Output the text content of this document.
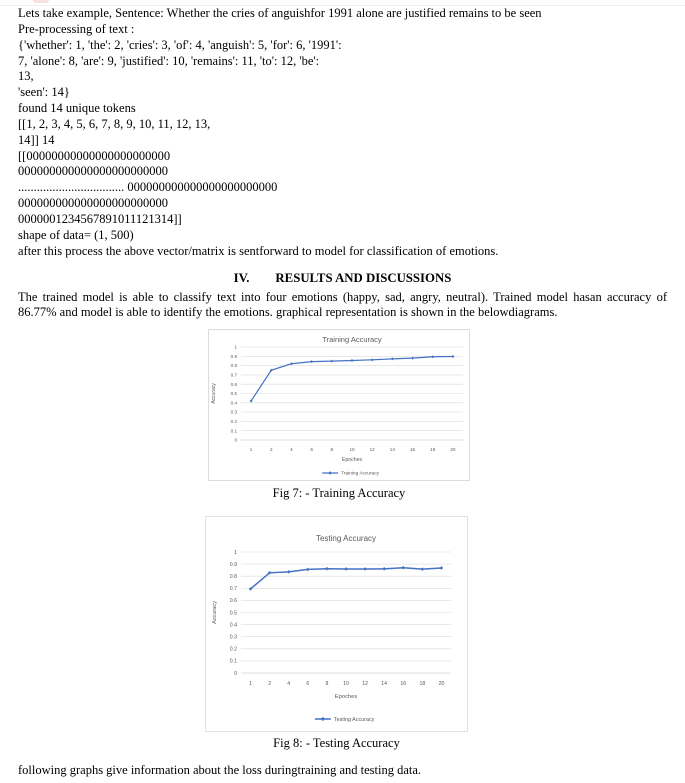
Lets take example, Sentence: Whether the cries of anguishfor 1991 alone are justified remains to be seen
Pre-processing of text :
{'whether': 1, 'the': 2, 'cries': 3, 'of': 4, 'anguish': 5, 'for': 6, '1991':
7, 'alone': 8, 'are': 9, 'justified': 10, 'remains': 11, 'to': 12, 'be':
13,
'seen': 14}
found 14 unique tokens
[[1, 2, 3, 4, 5, 6, 7, 8, 9, 10, 11, 12, 13,
14]] 14
[[00000000000000000000000
000000000000000000000000
.................................. 000000000000000000000000
000000000000000000000000
0000001234567891011121314]]
shape of data= (1, 500)
after this process the above vector/matrix is sentforward to model for classification of emotions.
IV. RESULTS AND DISCUSSIONS
The trained model is able to classify text into four emotions (happy, sad, angry, neutral). Trained model hasan accuracy of 86.77% and model is able to identify the emotions. graphical representation is shown in the belowdiagrams.
Training Accuracy
0
0.1
0.2
0.3
0.4
0.5
0.6
0.7
0.8
0.9
1
1	2	4	6	8	10	12	14	16	18	20
Epoches
Accuracy
Training Accuracy
Fig 7: - Training Accuracy
Testing Accuracy
0
0.1
0.2
0.3
0.4
0.5
0.6
0.7
0.8
0.9
1
1	2	4	6	8	10	12	14	16	18	20
Epoches
Accuracy
Testing Accuracy
Fig 8: - Testing Accuracy
following graphs give information about the loss duringtraining and testing data.
